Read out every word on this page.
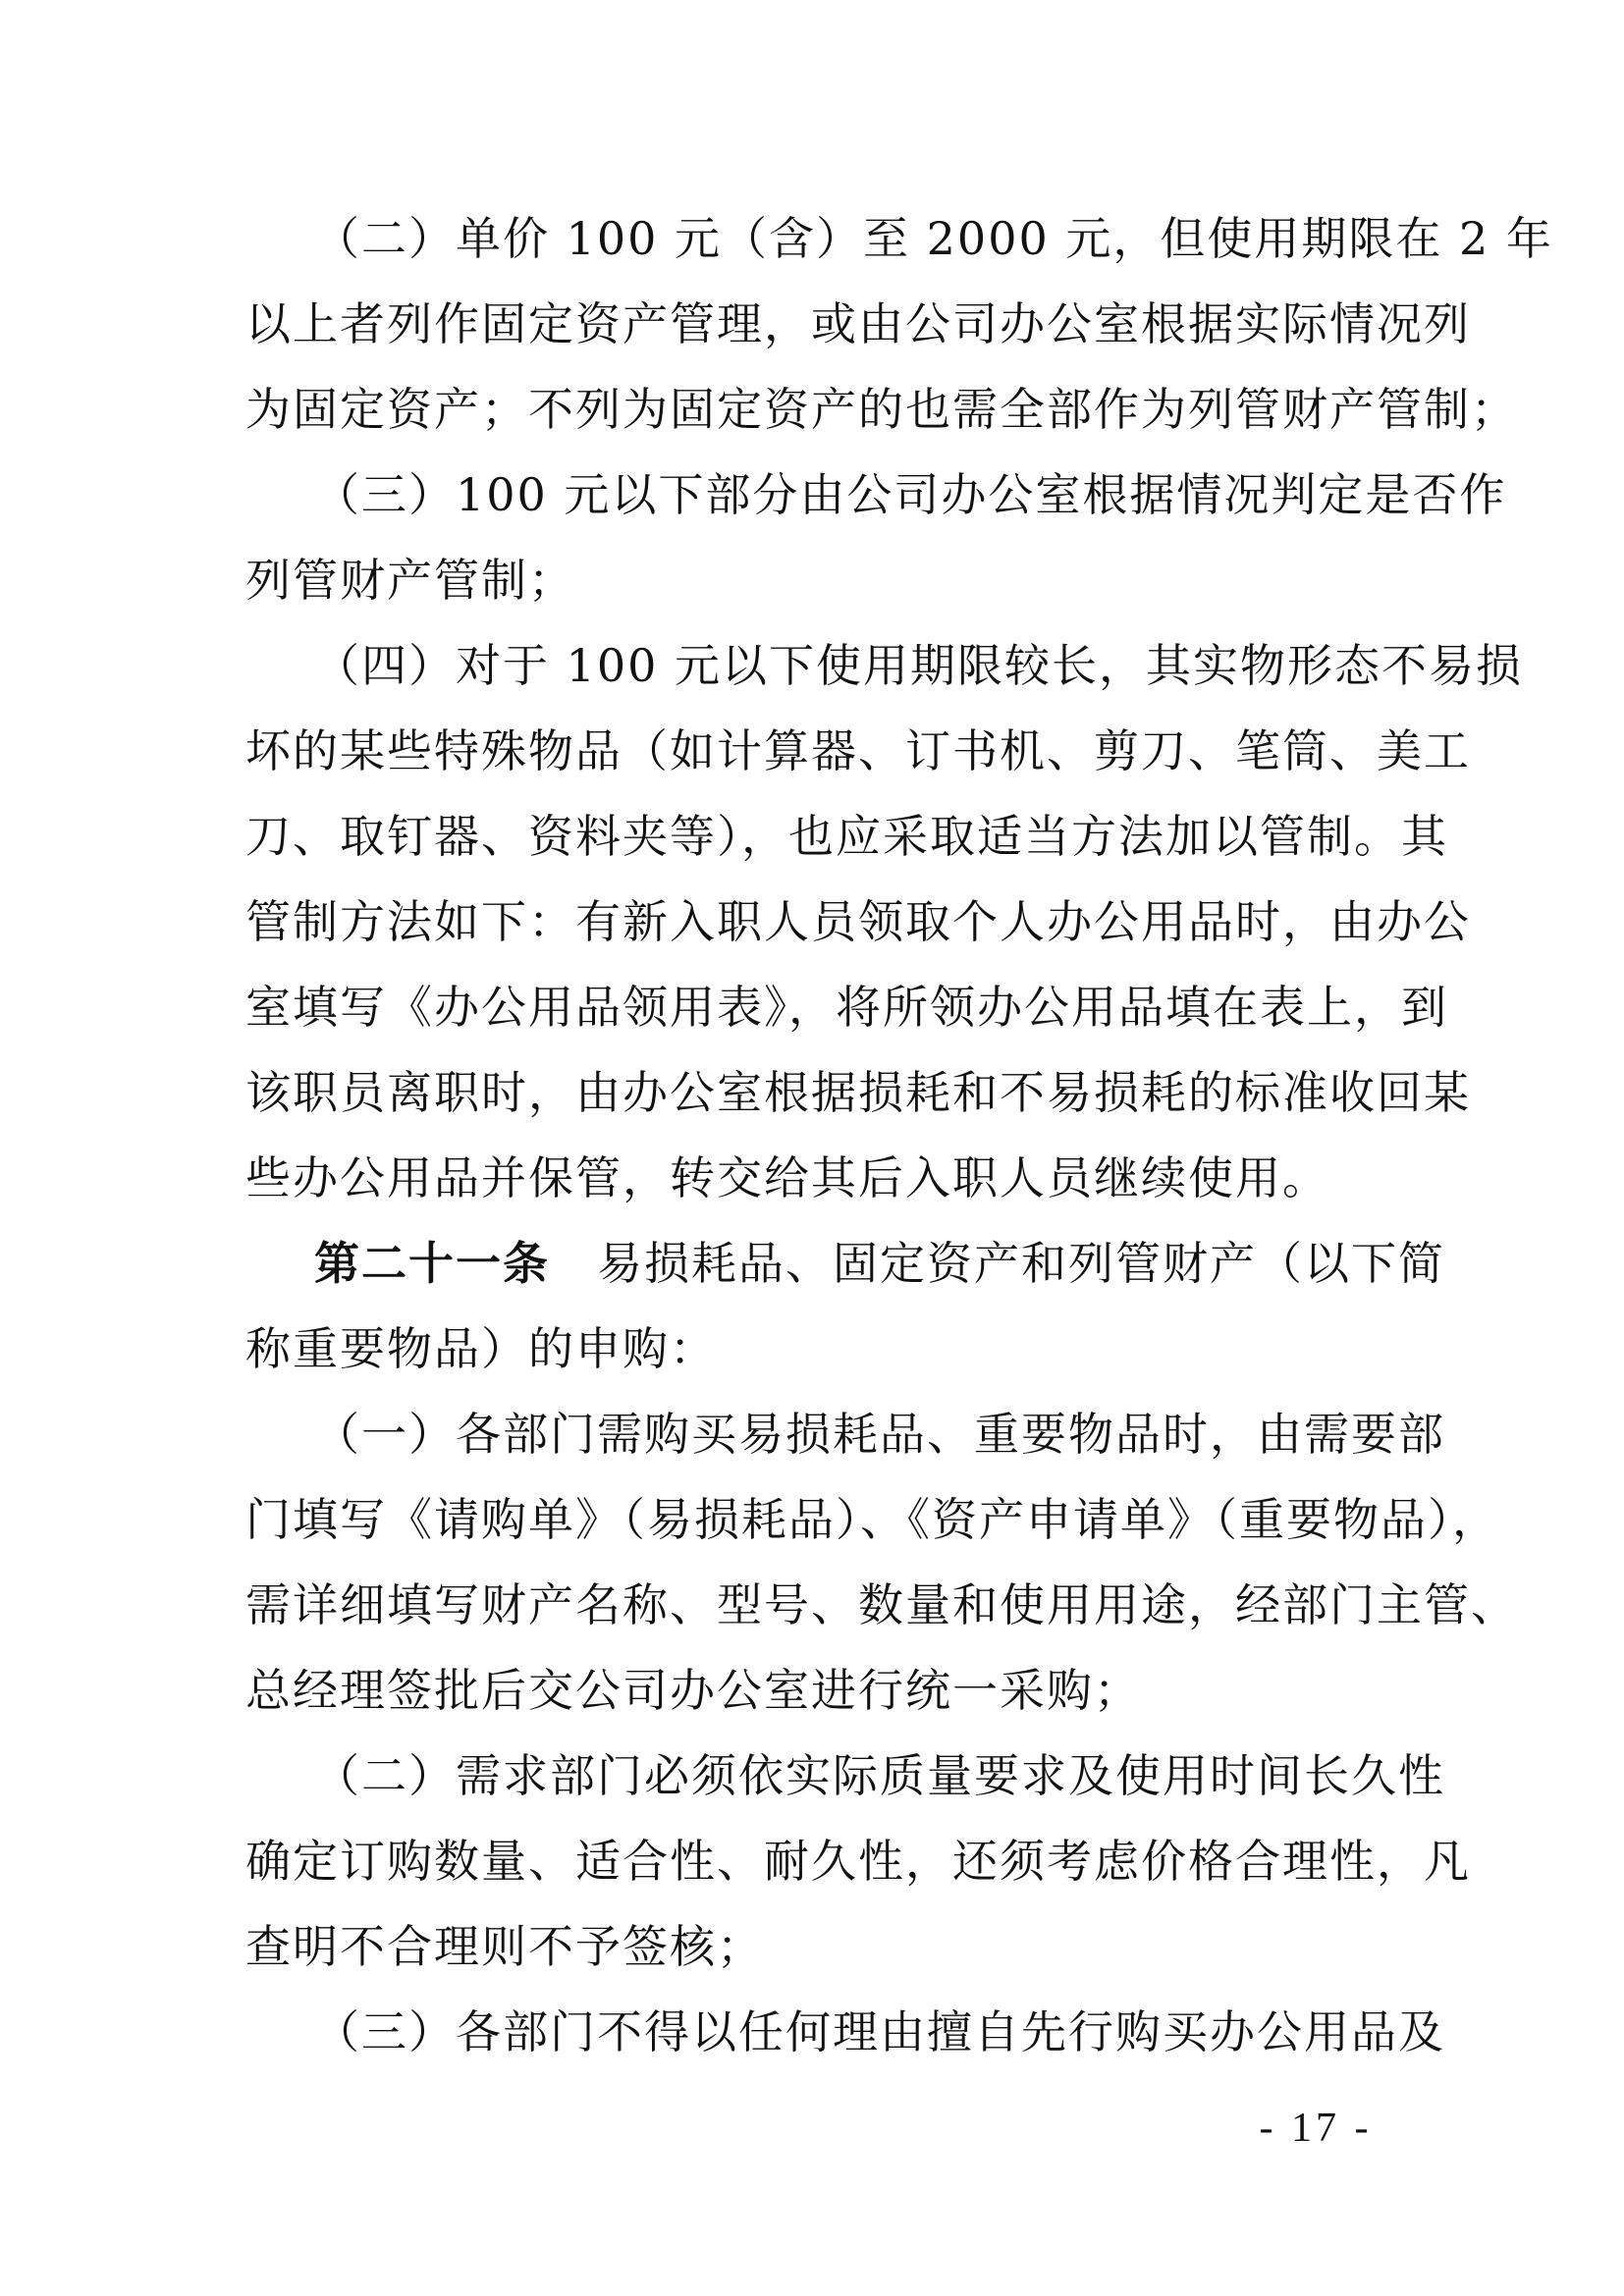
（二）单价 100 元（含）至 2000 元，但使用期限在 2 年

以上者列作固定资产管理，或由公司办公室根据实际情况列

为固定资产；不列为固定资产的也需全部作为列管财产管制；

（三）100 元以下部分由公司办公室根据情况判定是否作

列管财产管制；

（四）对于 100 元以下使用期限较长，其实物形态不易损

坏的某些特殊物品（如计算器、订书机、剪刀、笔筒、美工

刀、取钉器、资料夹等），也应采取适当方法加以管制。其

管制方法如下：有新入职人员领取个人办公用品时，由办公

室填写《办公用品领用表》，将所领办公用品填在表上，到

该职员离职时，由办公室根据损耗和不易损耗的标准收回某

些办公用品并保管，转交给其后入职人员继续使用。

第二十一条  易损耗品、固定资产和列管财产（以下简

称重要物品）的申购：

（一）各部门需购买易损耗品、重要物品时，由需要部

门填写《请购单》（易损耗品）、《资产申请单》（重要物品），

需详细填写财产名称、型号、数量和使用用途，经部门主管、

总经理签批后交公司办公室进行统一采购；

（二）需求部门必须依实际质量要求及使用时间长久性

确定订购数量、适合性、耐久性，还须考虑价格合理性，凡

查明不合理则不予签核；

（三）各部门不得以任何理由擅自先行购买办公用品及

- 17 -
